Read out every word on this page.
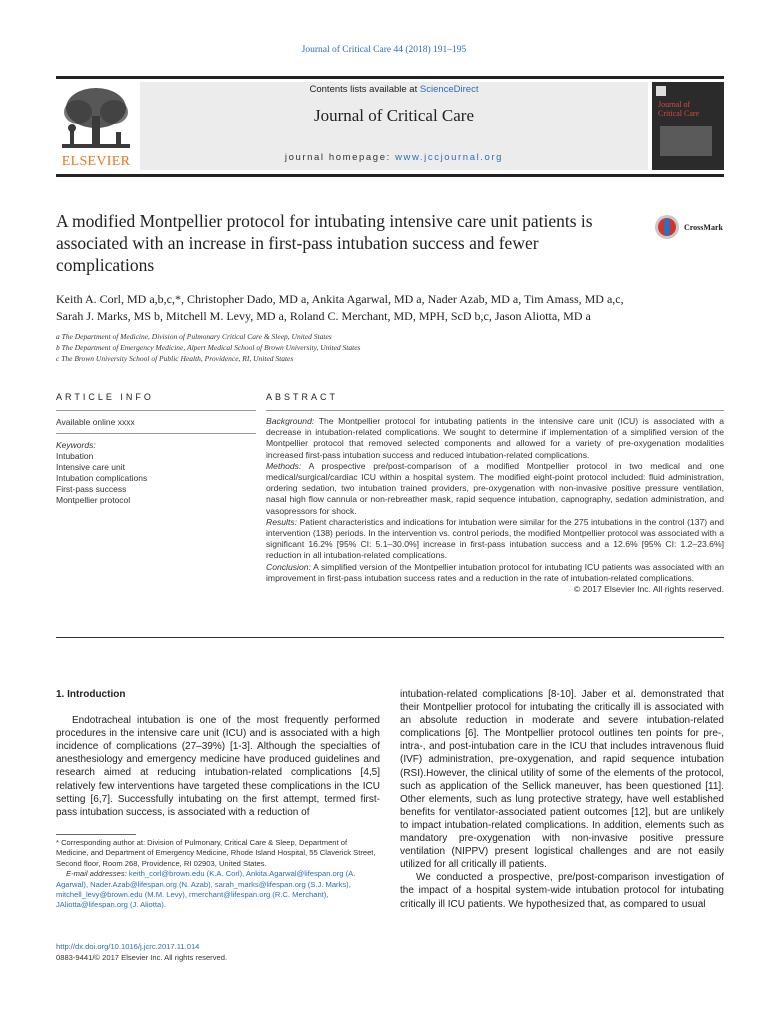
Journal of Critical Care 44 (2018) 191–195
ELSEVIER
Contents lists available at ScienceDirect
Journal of Critical Care
journal homepage: www.jccjournal.org
Journal of
Critical Care
A modified Montpellier protocol for intubating intensive care unit patients is associated with an increase in first-pass intubation success and fewer complications
CrossMark
Keith A. Corl, MD a,b,c,*, Christopher Dado, MD a, Ankita Agarwal, MD a, Nader Azab, MD a, Tim Amass, MD a,c,
Sarah J. Marks, MS b, Mitchell M. Levy, MD a, Roland C. Merchant, MD, MPH, ScD b,c, Jason Aliotta, MD a
a The Department of Medicine, Division of Pulmonary Critical Care & Sleep, United States
b The Department of Emergency Medicine, Alpert Medical School of Brown University, United States
c The Brown University School of Public Health, Providence, RI, United States
ARTICLE INFO
Available online xxxx
Keywords:
Intubation
Intensive care unit
Intubation complications
First-pass success
Montpellier protocol
ABSTRACT
Background: The Montpellier protocol for intubating patients in the intensive care unit (ICU) is associated with a decrease in intubation-related complications. We sought to determine if implementation of a simplified version of the Montpellier protocol that removed selected components and allowed for a variety of pre-oxygenation modalities increased first-pass intubation success and reduced intubation-related complications.
Methods: A prospective pre/post-comparison of a modified Montpellier protocol in two medical and one medical/surgical/cardiac ICU within a hospital system. The modified eight-point protocol included: fluid administration, ordering sedation, two intubation trained providers, pre-oxygenation with non-invasive positive pressure ventilation, nasal high flow cannula or non-rebreather mask, rapid sequence intubation, capnography, sedation administration, and vasopressors for shock.
Results: Patient characteristics and indications for intubation were similar for the 275 intubations in the control (137) and intervention (138) periods. In the intervention vs. control periods, the modified Montpellier protocol was associated with a significant 16.2% [95% CI: 5.1–30.0%] increase in first-pass intubation success and a 12.6% [95% CI: 1.2–23.6%] reduction in all intubation-related complications.
Conclusion: A simplified version of the Montpellier intubation protocol for intubating ICU patients was associated with an improvement in first-pass intubation success rates and a reduction in the rate of intubation-related complications.
© 2017 Elsevier Inc. All rights reserved.
1. Introduction
Endotracheal intubation is one of the most frequently performed procedures in the intensive care unit (ICU) and is associated with a high incidence of complications (27–39%) [1-3]. Although the specialties of anesthesiology and emergency medicine have produced guidelines and research aimed at reducing intubation-related complications [4,5] relatively few interventions have targeted these complications in the ICU setting [6,7]. Successfully intubating on the first attempt, termed first-pass intubation success, is associated with a reduction of
intubation-related complications [8-10]. Jaber et al. demonstrated that their Montpellier protocol for intubating the critically ill is associated with an absolute reduction in moderate and severe intubation-related complications [6]. The Montpellier protocol outlines ten points for pre-, intra-, and post-intubation care in the ICU that includes intravenous fluid (IVF) administration, pre-oxygenation, and rapid sequence intubation (RSI).However, the clinical utility of some of the elements of the protocol, such as application of the Sellick maneuver, has been questioned [11]. Other elements, such as lung protective strategy, have well established benefits for ventilator-associated patient outcomes [12], but are unlikely to impact intubation-related complications. In addition, elements such as mandatory pre-oxygenation with non-invasive positive pressure ventilation (NIPPV) present logistical challenges and are not easily utilized for all critically ill patients.
We conducted a prospective, pre/post-comparison investigation of the impact of a hospital system-wide intubation protocol for intubating critically ill ICU patients. We hypothesized that, as compared to usual
* Corresponding author at: Division of Pulmonary, Critical Care & Sleep, Department of Medicine, and Department of Emergency Medicine, Rhode Island Hospital, 55 Claverick Street, Second floor, Room 268, Providence, RI 02903, United States.
E-mail addresses: keith_corl@brown.edu (K.A. Corl), Ankita.Agarwal@lifespan.org (A. Agarwal), Nader.Azab@lifespan.org (N. Azab), sarah_marks@lifespan.org (S.J. Marks), mitchell_levy@brown.edu (M.M. Levy), rmerchant@lifespan.org (R.C. Merchant), JAliotta@lifespan.org (J. Aliotta).
http://dx.doi.org/10.1016/j.jcrc.2017.11.014
0883-9441/© 2017 Elsevier Inc. All rights reserved.
